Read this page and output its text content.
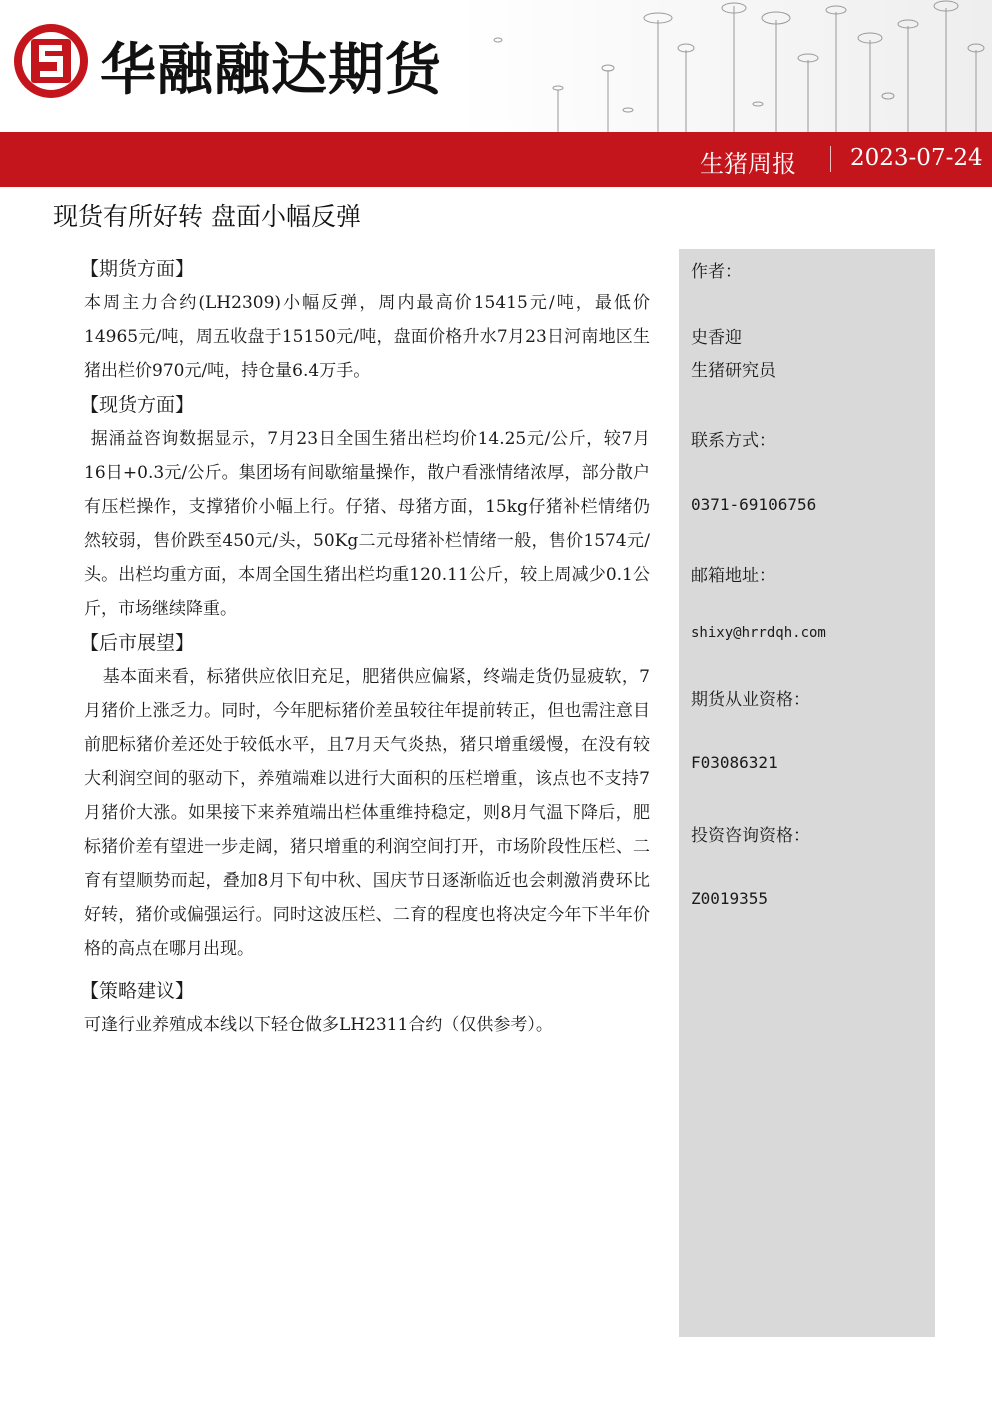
华融融达期货
生猪周报 2023-07-24
现货有所好转 盘面小幅反弹
【期货方面】
本周主力合约(LH2309)小幅反弹，周内最高价15415元/吨，最低价14965元/吨，周五收盘于15150元/吨，盘面价格升水7月23日河南地区生猪出栏价970元/吨，持仓量6.4万手。
【现货方面】
据涌益咨询数据显示，7月23日全国生猪出栏均价14.25元/公斤，较7月16日+0.3元/公斤。集团场有间歇缩量操作，散户看涨情绪浓厚，部分散户有压栏操作，支撑猪价小幅上行。仔猪、母猪方面，15kg仔猪补栏情绪仍然较弱，售价跌至450元/头，50Kg二元母猪补栏情绪一般，售价1574元/头。出栏均重方面，本周全国生猪出栏均重120.11公斤，较上周减少0.1公斤，市场继续降重。
【后市展望】
基本面来看，标猪供应依旧充足，肥猪供应偏紧，终端走货仍显疲软，7月猪价上涨乏力。同时，今年肥标猪价差虽较往年提前转正，但也需注意目前肥标猪价差还处于较低水平，且7月天气炎热，猪只增重缓慢，在没有较大利润空间的驱动下，养殖端难以进行大面积的压栏增重，该点也不支持7月猪价大涨。如果接下来养殖端出栏体重维持稳定，则8月气温下降后，肥标猪价差有望进一步走阔，猪只增重的利润空间打开，市场阶段性压栏、二育有望顺势而起，叠加8月下旬中秋、国庆节日逐渐临近也会刺激消费环比好转，猪价或偏强运行。同时这波压栏、二育的程度也将决定今年下半年价格的高点在哪月出现。
【策略建议】
可逢行业养殖成本线以下轻仓做多LH2311合约（仅供参考）。
作者：
史香迎
生猪研究员
联系方式：
0371-69106756
邮箱地址：
shixy@hrrdqh.com
期货从业资格：
F03086321
投资咨询资格：
Z0019355
